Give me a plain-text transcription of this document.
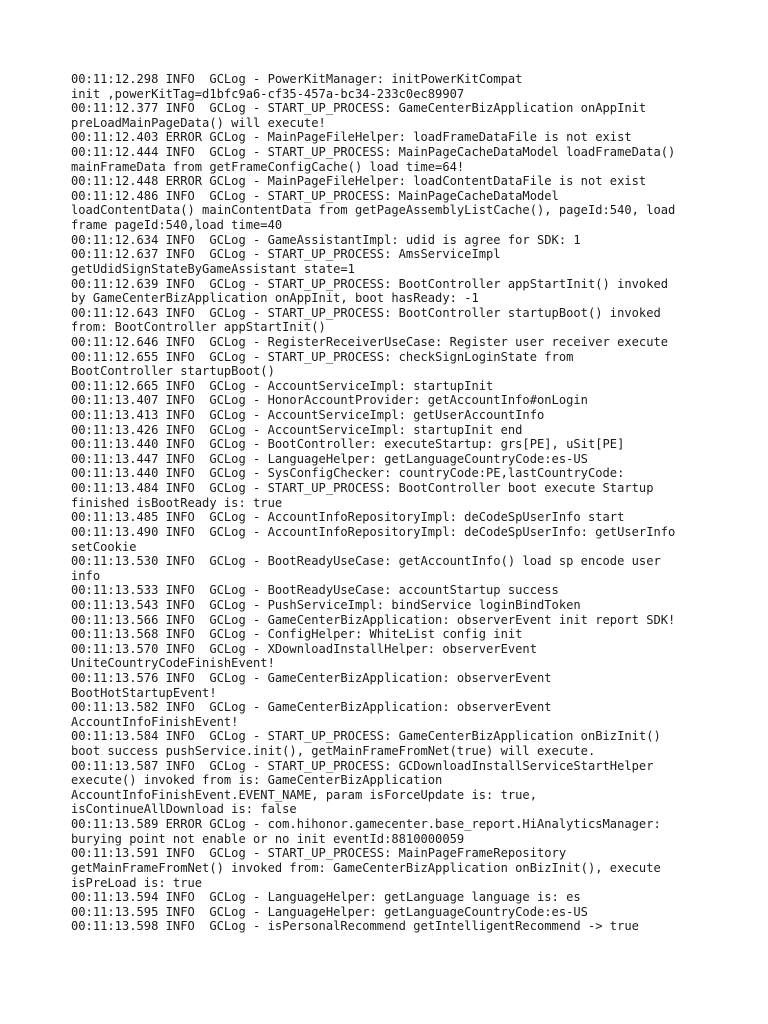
00:11:12.298 INFO  GCLog - PowerKitManager: initPowerKitCompat
init ,powerKitTag=d1bfc9a6-cf35-457a-bc34-233c0ec89907
00:11:12.377 INFO  GCLog - START_UP_PROCESS: GameCenterBizApplication onAppInit
preLoadMainPageData() will execute!
00:11:12.403 ERROR GCLog - MainPageFileHelper: loadFrameDataFile is not exist
00:11:12.444 INFO  GCLog - START_UP_PROCESS: MainPageCacheDataModel loadFrameData()
mainFrameData from getFrameConfigCache() load time=64!
00:11:12.448 ERROR GCLog - MainPageFileHelper: loadContentDataFile is not exist
00:11:12.486 INFO  GCLog - START_UP_PROCESS: MainPageCacheDataModel
loadContentData() mainContentData from getPageAssemblyListCache(), pageId:540, load
frame pageId:540,load time=40
00:11:12.634 INFO  GCLog - GameAssistantImpl: udid is agree for SDK: 1
00:11:12.637 INFO  GCLog - START_UP_PROCESS: AmsServiceImpl
getUdidSignStateByGameAssistant state=1
00:11:12.639 INFO  GCLog - START_UP_PROCESS: BootController appStartInit() invoked
by GameCenterBizApplication onAppInit, boot hasReady: -1
00:11:12.643 INFO  GCLog - START_UP_PROCESS: BootController startupBoot() invoked
from: BootController appStartInit()
00:11:12.646 INFO  GCLog - RegisterReceiverUseCase: Register user receiver execute
00:11:12.655 INFO  GCLog - START_UP_PROCESS: checkSignLoginState from
BootController startupBoot()
00:11:12.665 INFO  GCLog - AccountServiceImpl: startupInit
00:11:13.407 INFO  GCLog - HonorAccountProvider: getAccountInfo#onLogin
00:11:13.413 INFO  GCLog - AccountServiceImpl: getUserAccountInfo
00:11:13.426 INFO  GCLog - AccountServiceImpl: startupInit end
00:11:13.440 INFO  GCLog - BootController: executeStartup: grs[PE], uSit[PE]
00:11:13.447 INFO  GCLog - LanguageHelper: getLanguageCountryCode:es-US
00:11:13.440 INFO  GCLog - SysConfigChecker: countryCode:PE,lastCountryCode:
00:11:13.484 INFO  GCLog - START_UP_PROCESS: BootController boot execute Startup
finished isBootReady is: true
00:11:13.485 INFO  GCLog - AccountInfoRepositoryImpl: deCodeSpUserInfo start
00:11:13.490 INFO  GCLog - AccountInfoRepositoryImpl: deCodeSpUserInfo: getUserInfo
setCookie
00:11:13.530 INFO  GCLog - BootReadyUseCase: getAccountInfo() load sp encode user
info
00:11:13.533 INFO  GCLog - BootReadyUseCase: accountStartup success
00:11:13.543 INFO  GCLog - PushServiceImpl: bindService loginBindToken
00:11:13.566 INFO  GCLog - GameCenterBizApplication: observerEvent init report SDK!
00:11:13.568 INFO  GCLog - ConfigHelper: WhiteList config init
00:11:13.570 INFO  GCLog - XDownloadInstallHelper: observerEvent
UniteCountryCodeFinishEvent!
00:11:13.576 INFO  GCLog - GameCenterBizApplication: observerEvent
BootHotStartupEvent!
00:11:13.582 INFO  GCLog - GameCenterBizApplication: observerEvent
AccountInfoFinishEvent!
00:11:13.584 INFO  GCLog - START_UP_PROCESS: GameCenterBizApplication onBizInit()
boot success pushService.init(), getMainFrameFromNet(true) will execute.
00:11:13.587 INFO  GCLog - START_UP_PROCESS: GCDownloadInstallServiceStartHelper
execute() invoked from is: GameCenterBizApplication
AccountInfoFinishEvent.EVENT_NAME, param isForceUpdate is: true,
isContinueAllDownload is: false
00:11:13.589 ERROR GCLog - com.hihonor.gamecenter.base_report.HiAnalyticsManager:
burying point not enable or no init eventId:8810000059
00:11:13.591 INFO  GCLog - START_UP_PROCESS: MainPageFrameRepository
getMainFrameFromNet() invoked from: GameCenterBizApplication onBizInit(), execute
isPreLoad is: true
00:11:13.594 INFO  GCLog - LanguageHelper: getLanguage language is: es
00:11:13.595 INFO  GCLog - LanguageHelper: getLanguageCountryCode:es-US
00:11:13.598 INFO  GCLog - isPersonalRecommend getIntelligentRecommend -> true
